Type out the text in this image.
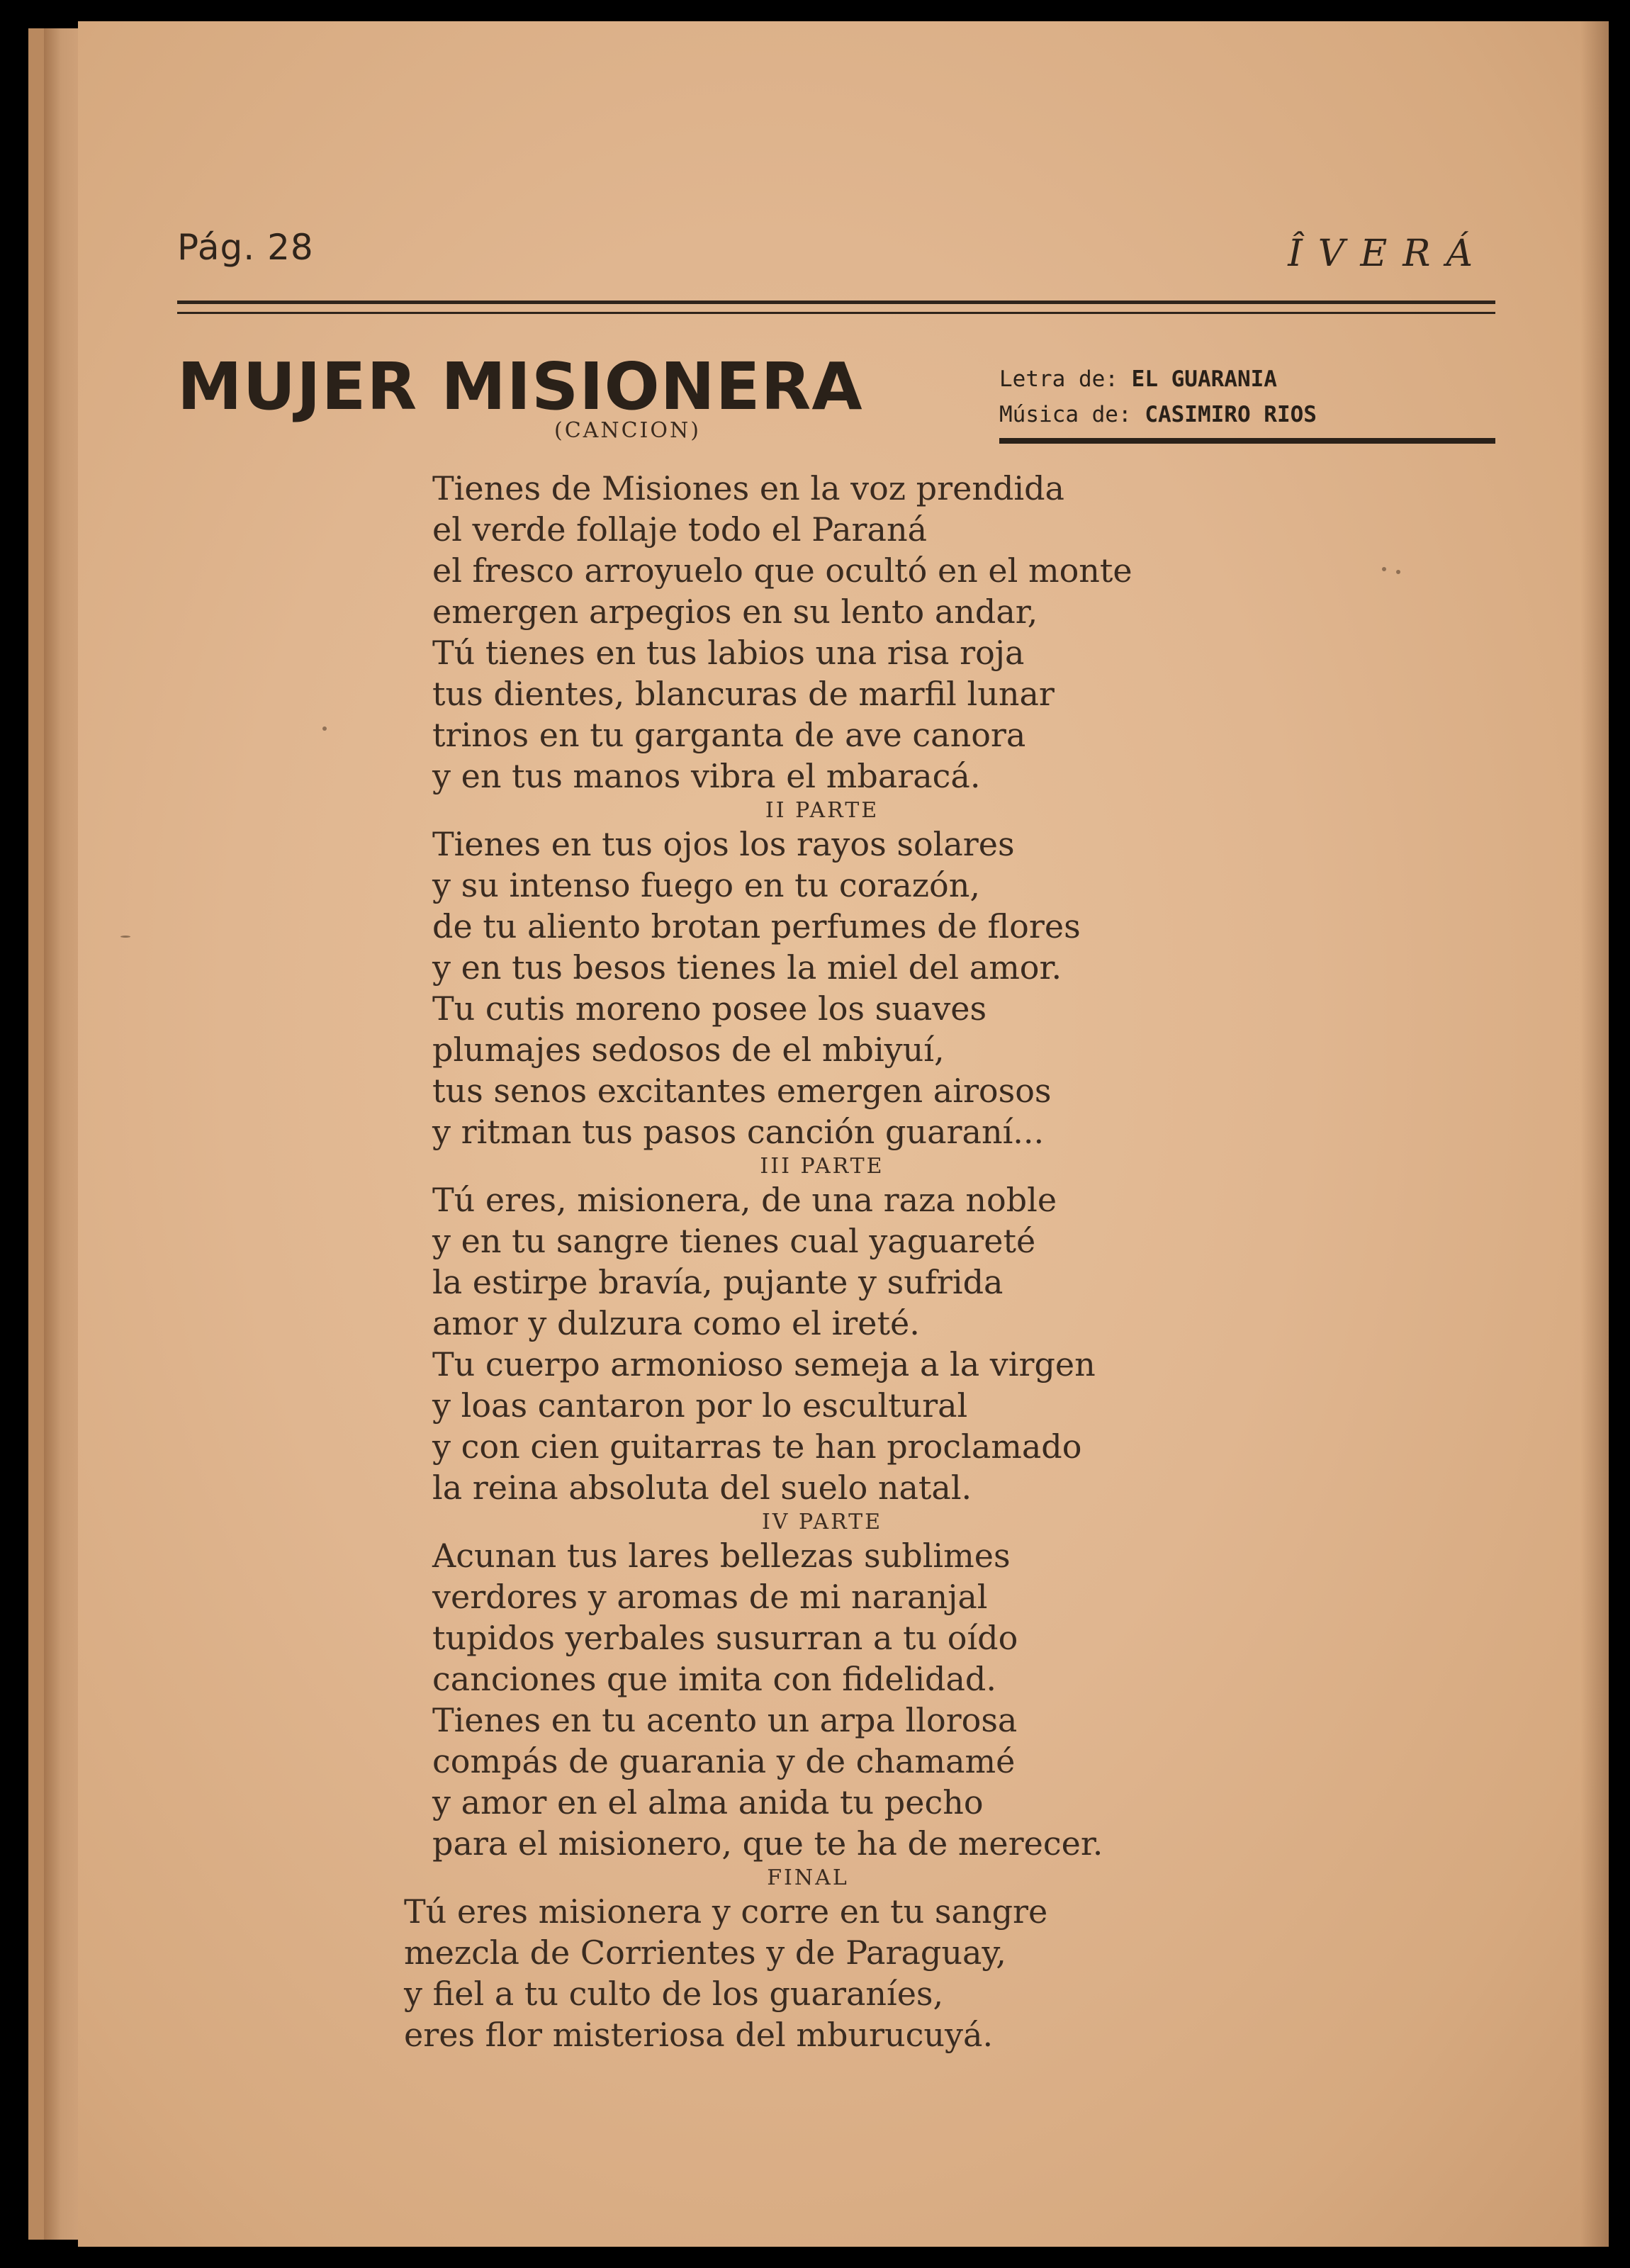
Pág. 28	ÎVERÁ
MUJER MISIONERA
(CANCION)
Letra de: EL GUARANIA
Música de: CASIMIRO RIOS
Tienes de Misiones en la voz prendida
el verde follaje todo el Paraná
el fresco arroyuelo que ocultó en el monte
emergen arpegios en su lento andar,
Tú tienes en tus labios una risa roja
tus dientes, blancuras de marfil lunar
trinos en tu garganta de ave canora
y en tus manos vibra el mbaracá.
II PARTE
Tienes en tus ojos los rayos solares
y su intenso fuego en tu corazón,
de tu aliento brotan perfumes de flores
y en tus besos tienes la miel del amor.
Tu cutis moreno posee los suaves
plumajes sedosos de el mbiyuí,
tus senos excitantes emergen airosos
y ritman tus pasos canción guaraní...
III PARTE
Tú eres, misionera, de una raza noble
y en tu sangre tienes cual yaguareté
la estirpe bravía, pujante y sufrida
amor y dulzura como el ireté.
Tu cuerpo armonioso semeja a la virgen
y loas cantaron por lo escultural
y con cien guitarras te han proclamado
la reina absoluta del suelo natal.
IV PARTE
Acunan tus lares bellezas sublimes
verdores y aromas de mi naranjal
tupidos yerbales susurran a tu oído
canciones que imita con fidelidad.
Tienes en tu acento un arpa llorosa
compás de guarania y de chamamé
y amor en el alma anida tu pecho
para el misionero, que te ha de merecer.
FINAL
Tú eres misionera y corre en tu sangre
mezcla de Corrientes y de Paraguay,
y fiel a tu culto de los guaraníes,
eres flor misteriosa del mburucuyá.
